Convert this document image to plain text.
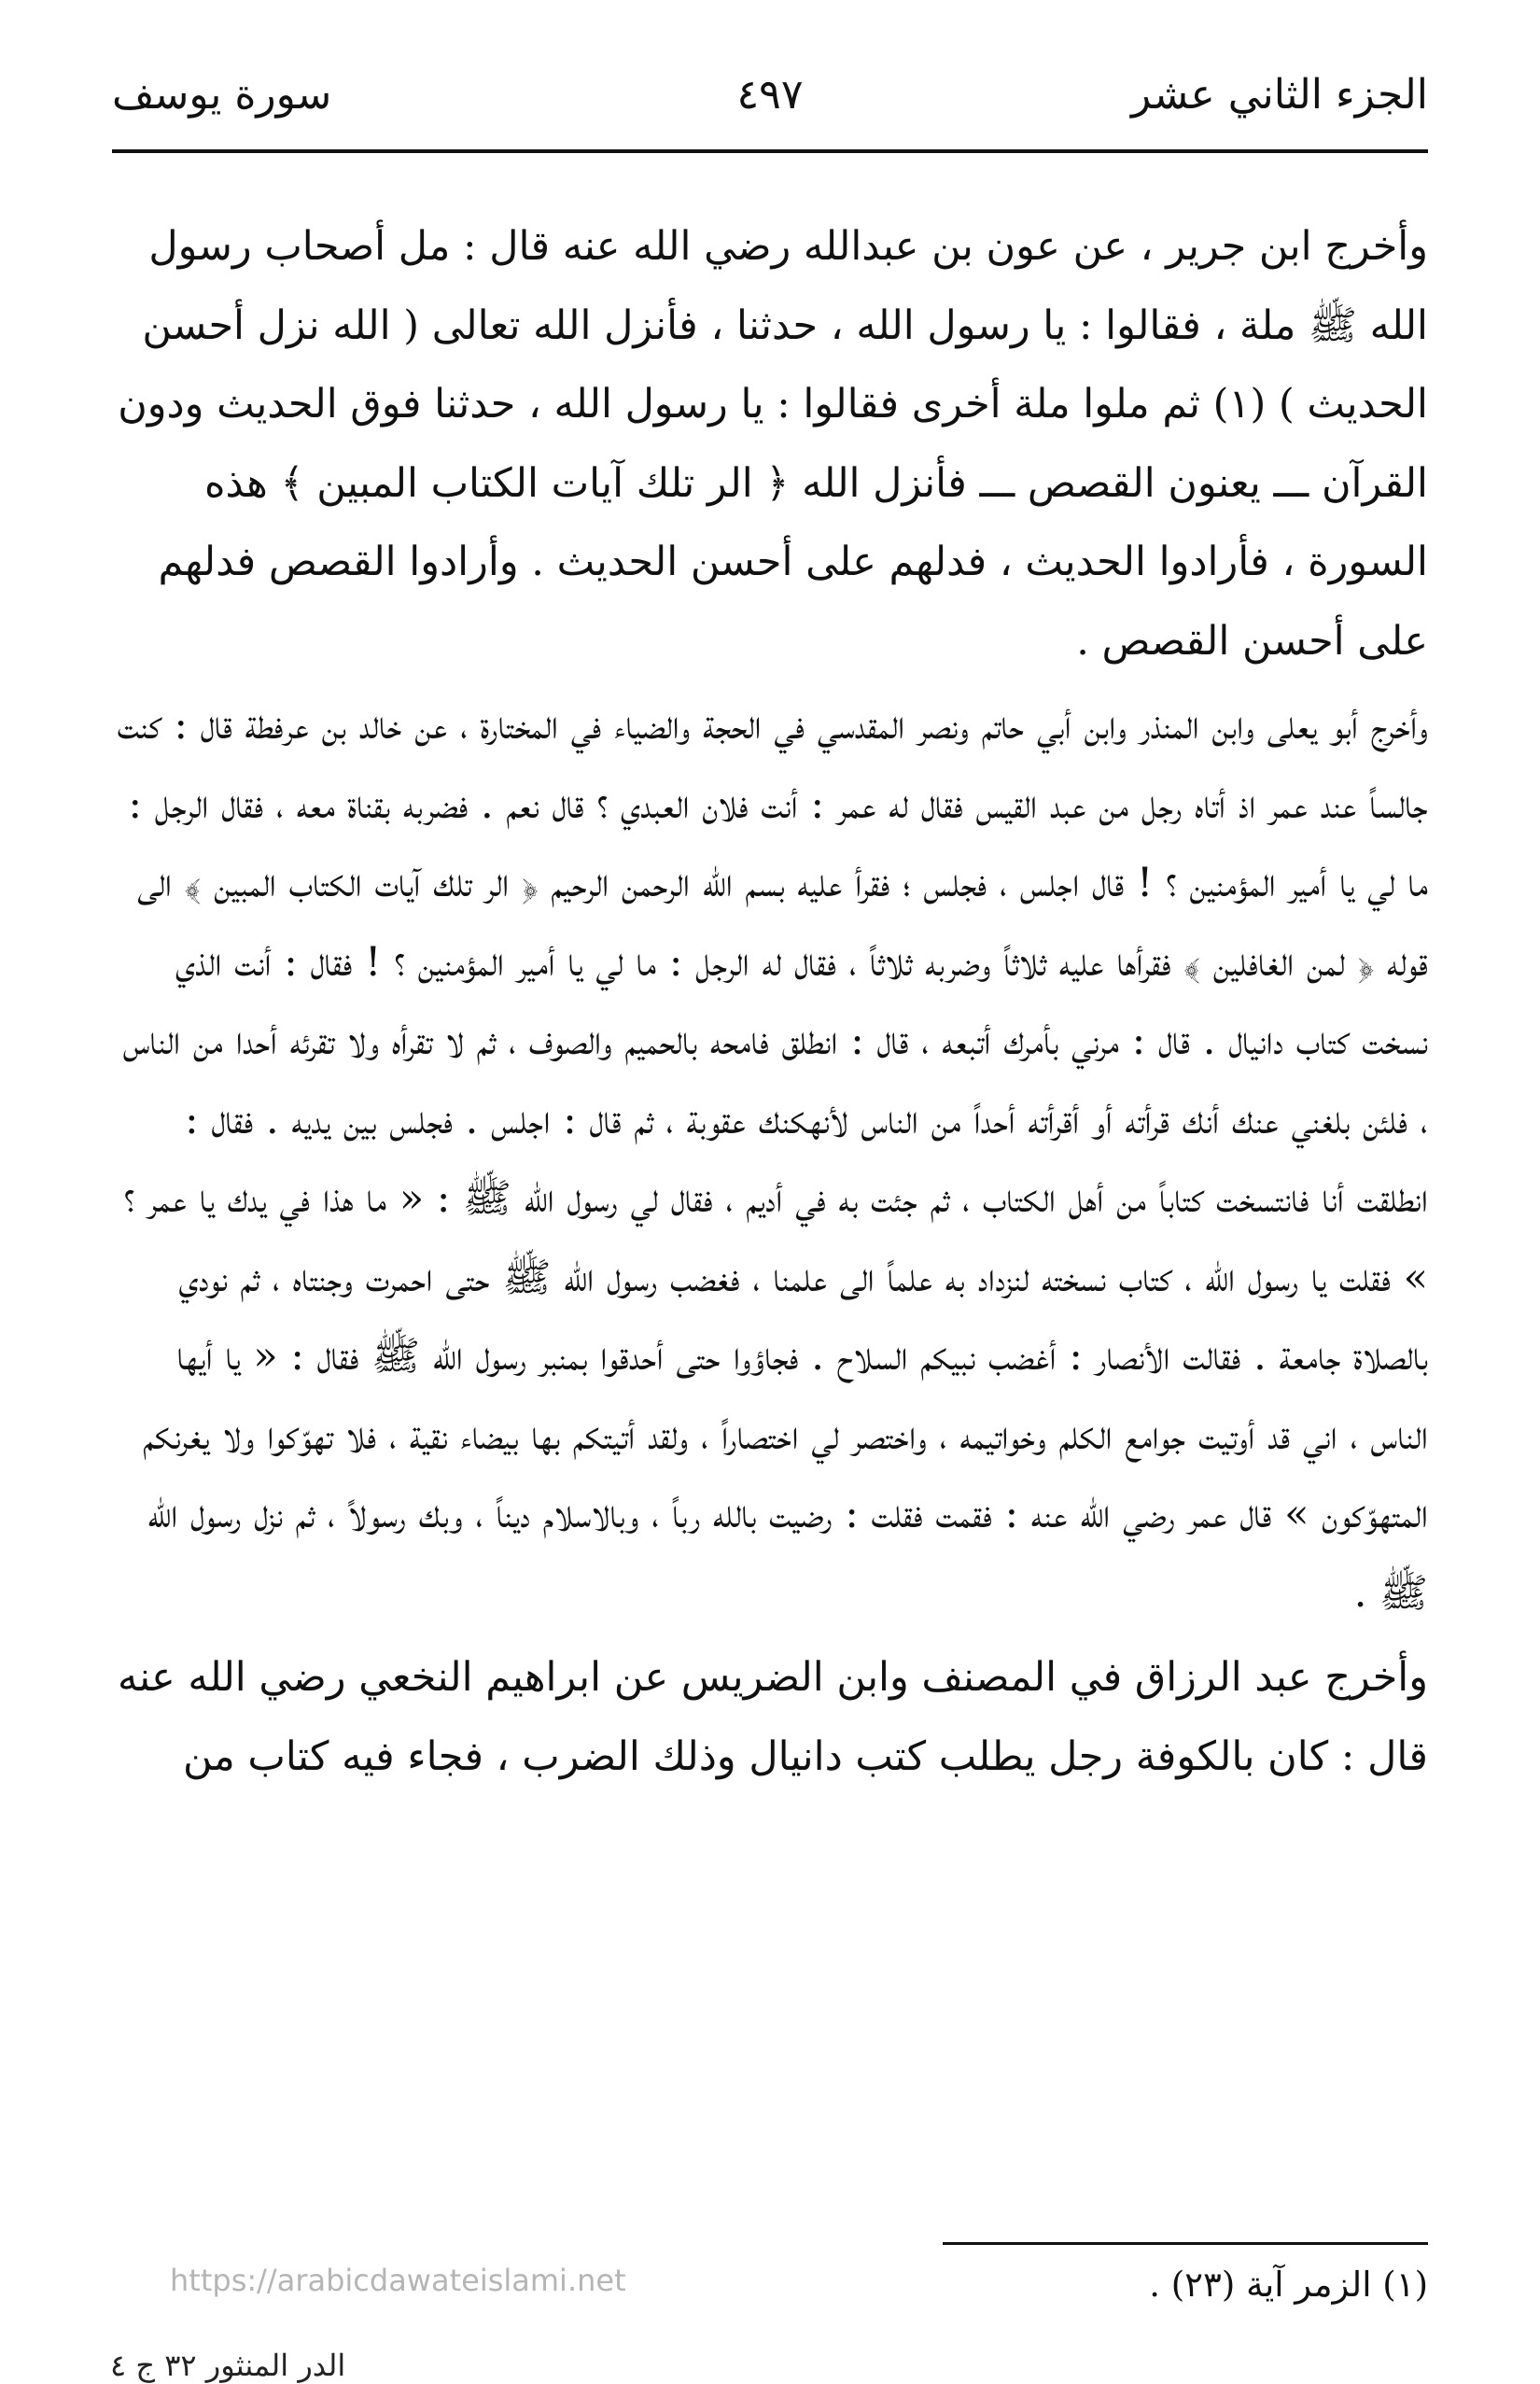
الجزء الثاني عشر
٤٩٧
سورة يوسف

وأخرج ابن جرير ، عن عون بن عبدالله رضي الله عنه قال : مل أصحاب رسول الله ﷺ ملة ، فقالوا : يا رسول الله ، حدثنا ، فأنزل الله تعالى ( الله نزل أحسن الحديث ) (١) ثم ملوا ملة أخرى فقالوا : يا رسول الله ، حدثنا فوق الحديث ودون القرآن ـــ يعنون القصص ـــ فأنزل الله ﴿ الر تلك آيات الكتاب المبين ﴾ هذه السورة ، فأرادوا الحديث ، فدلهم على أحسن الحديث . وأرادوا القصص فدلهم على أحسن القصص .

وأخرج أبو يعلى وابن المنذر وابن أبي حاتم ونصر المقدسي في الحجة والضياء في المختارة ، عن خالد بن عرفطة قال : كنت جالساً عند عمر اذ أتاه رجل من عبد القيس فقال له عمر : أنت فلان العبدي ؟ قال نعم . فضربه بقناة معه ، فقال الرجل : ما لي يا أمير المؤمنين ؟ ! قال اجلس ، فجلس ؛ فقرأ عليه بسم الله الرحمن الرحيم ﴿ الر تلك آيات الكتاب المبين ﴾ الى قوله ﴿ لمن الغافلين ﴾ فقرأها عليه ثلاثاً وضربه ثلاثاً ، فقال له الرجل : ما لي يا أمير المؤمنين ؟ ! فقال : أنت الذي نسخت كتاب دانيال . قال : مرني بأمرك أتبعه ، قال : انطلق فامحه بالحميم والصوف ، ثم لا تقرأه ولا تقرئه أحدا من الناس ، فلئن بلغني عنك أنك قرأته أو أقرأته أحداً من الناس لأنهكنك عقوبة ، ثم قال : اجلس . فجلس بين يديه . فقال : انطلقت أنا فانتسخت كتاباً من أهل الكتاب ، ثم جئت به في أديم ، فقال لي رسول الله ﷺ : « ما هذا في يدك يا عمر ؟ » فقلت يا رسول الله ، كتاب نسخته لنزداد به علماً الى علمنا ، فغضب رسول الله ﷺ حتى احمرت وجنتاه ، ثم نودي بالصلاة جامعة . فقالت الأنصار : أغضب نبيكم السلاح . فجاؤوا حتى أحدقوا بمنبر رسول الله ﷺ فقال : « يا أيها الناس ، اني قد أوتيت جوامع الكلم وخواتيمه ، واختصر لي اختصاراً ، ولقد أتيتكم بها بيضاء نقية ، فلا تهوّكوا ولا يغرنكم المتهوّكون » قال عمر رضي الله عنه : فقمت فقلت : رضيت بالله رباً ، وبالاسلام ديناً ، وبك رسولاً ، ثم نزل رسول الله ﷺ .

وأخرج عبد الرزاق في المصنف وابن الضريس عن ابراهيم النخعي رضي الله عنه قال : كان بالكوفة رجل يطلب كتب دانيال وذلك الضرب ، فجاء فيه كتاب من

(١) الزمر آية (٢٣) .
https://arabicdawateislami.net
الدر المنثور ٣٢ ج ٤
